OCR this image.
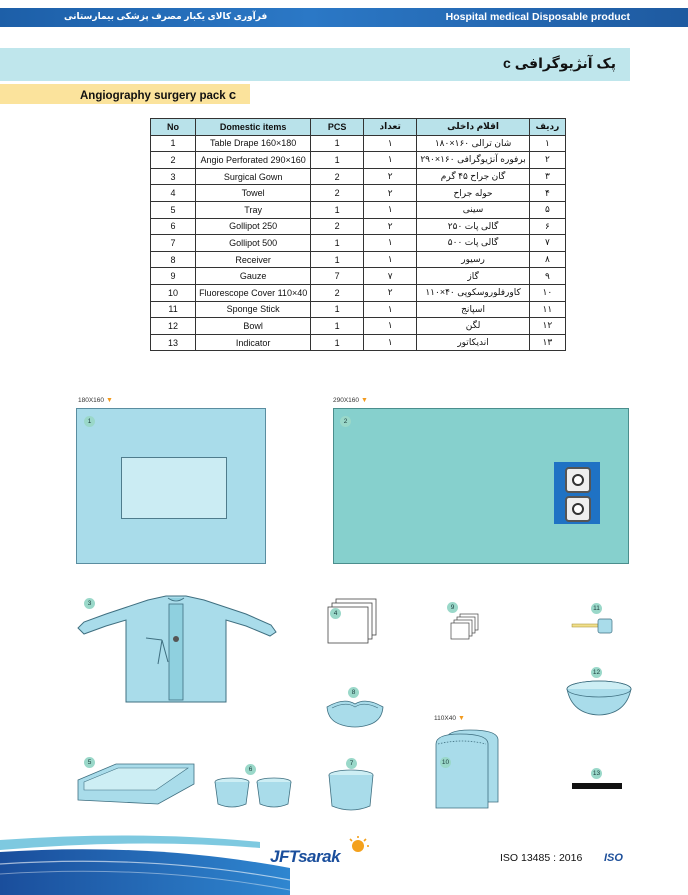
فرآوری کالای یکبار مصرف پزشکی بیمارستانی	Hospital medical Disposable product
پک آنژیوگرافی c
Angiography surgery pack c
No	Domestic items	PCS	تعداد	اقلام داخلی	ردیف
1	Table Drape 160×180	1	۱	شان ترالی ۱۶۰×۱۸۰	۱
2	Angio Perforated 290×160	1	۱	برفوره آنژیوگرافی ۱۶۰×۲۹۰	۲
3	Surgical Gown	2	۲	گان جراح ۴۵ گرم	۳
4	Towel	2	۲	حوله جراح	۴
5	Tray	1	۱	سینی	۵
6	Gollipot 250	2	۲	گالی پات ۲۵۰	۶
7	Gollipot 500	1	۱	گالی پات ۵۰۰	۷
8	Receiver	1	۱	رسیور	۸
9	Gauze	7	۷	گاز	۹
10	Fluorescope Cover 110×40	2	۲	کاورفلوروسکوپی ۴۰×۱۱۰	۱۰
11	Sponge Stick	1	۱	اسپانج	۱۱
12	Bowl	1	۱	لگن	۱۲
13	Indicator	1	۱	اندیکاتور	۱۳
180X160 ▼
1
290X160 ▼
2
3
4
9	11
8
12
5
6
7
110X40 ▼
10
13
JFTsarak	ISO 13485 : 2016 ISO
